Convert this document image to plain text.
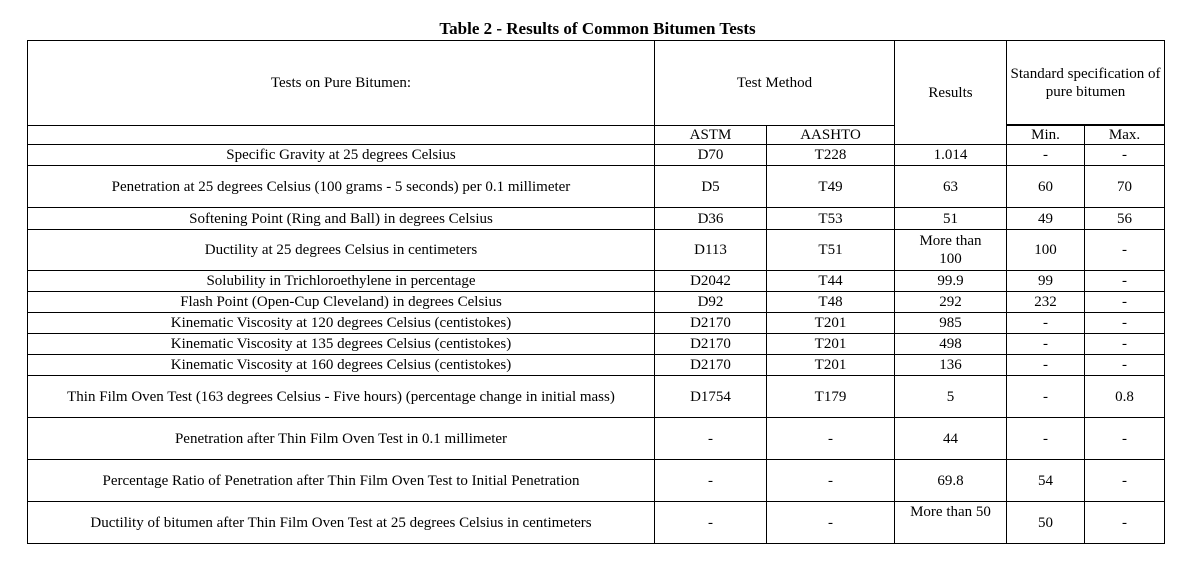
Table 2 - Results of Common Bitumen Tests
Tests on Pure Bitumen:	Test Method		Results	Standard specification of pure bitumen	

	ASTM	AASHTO		Min.	Max.
Specific Gravity at 25 degrees Celsius	D70	T228	1.014	-	-
Penetration at 25 degrees Celsius (100 grams - 5 seconds) per 0.1 millimeter	D5	T49	63	60	70
Softening Point (Ring and Ball) in degrees Celsius	D36	T53	51	49	56
Ductility at 25 degrees Celsius in centimeters	D113	T51	More than 100	100	-
Solubility in Trichloroethylene in percentage	D2042	T44	99.9	99	-
Flash Point (Open-Cup Cleveland) in degrees Celsius	D92	T48	292	232	-
Kinematic Viscosity at 120 degrees Celsius (centistokes)	D2170	T201	985	-	-
Kinematic Viscosity at 135 degrees Celsius (centistokes)	D2170	T201	498	-	-
Kinematic Viscosity at 160 degrees Celsius (centistokes)	D2170	T201	136	-	-
Thin Film Oven Test (163 degrees Celsius - Five hours) (percentage change in initial mass)	D1754	T179	5	-	0.8
Penetration after Thin Film Oven Test in 0.1 millimeter	-	-	44	-	-
Percentage Ratio of Penetration after Thin Film Oven Test to Initial Penetration	-	-	69.8	54	-
Ductility of bitumen after Thin Film Oven Test at 25 degrees Celsius in centimeters	-	-	More than 50	50	-
